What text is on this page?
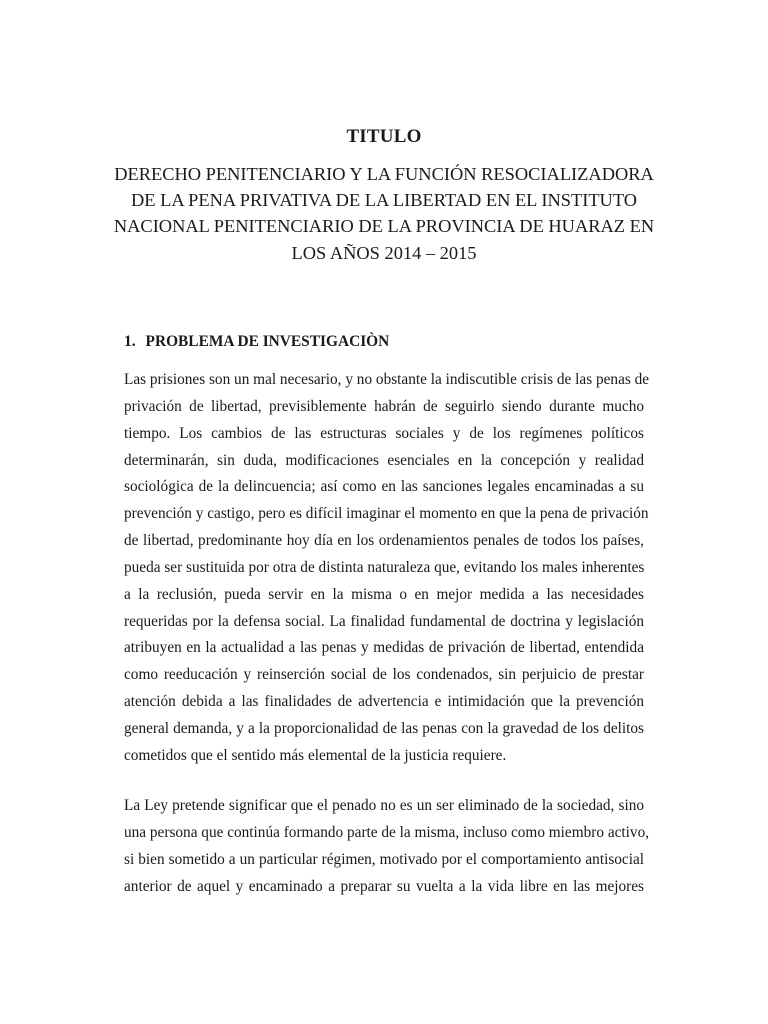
TITULO
DERECHO PENITENCIARIO Y LA FUNCIÓN RESOCIALIZADORA
DE LA PENA PRIVATIVA DE LA LIBERTAD EN EL INSTITUTO
NACIONAL PENITENCIARIO DE LA PROVINCIA DE HUARAZ EN
LOS AÑOS 2014 – 2015
1. PROBLEMA DE INVESTIGACIÒN
Las prisiones son un mal necesario, y no obstante la indiscutible crisis de las penas de
privación de libertad, previsiblemente habrán de seguirlo siendo durante mucho
tiempo. Los cambios de las estructuras sociales y de los regímenes políticos
determinarán, sin duda, modificaciones esenciales en la concepción y realidad
sociológica de la delincuencia; así como en las sanciones legales encaminadas a su
prevención y castigo, pero es difícil imaginar el momento en que la pena de privación
de libertad, predominante hoy día en los ordenamientos penales de todos los países,
pueda ser sustituida por otra de distinta naturaleza que, evitando los males inherentes
a la reclusión, pueda servir en la misma o en mejor medida a las necesidades
requeridas por la defensa social. La finalidad fundamental de doctrina y legislación
atribuyen en la actualidad a las penas y medidas de privación de libertad, entendida
como reeducación y reinserción social de los condenados, sin perjuicio de prestar
atención debida a las finalidades de advertencia e intimidación que la prevención
general demanda, y a la proporcionalidad de las penas con la gravedad de los delitos
cometidos que el sentido más elemental de la justicia requiere.
La Ley pretende significar que el penado no es un ser eliminado de la sociedad, sino
una persona que continúa formando parte de la misma, incluso como miembro activo,
si bien sometido a un particular régimen, motivado por el comportamiento antisocial
anterior de aquel y encaminado a preparar su vuelta a la vida libre en las mejores
